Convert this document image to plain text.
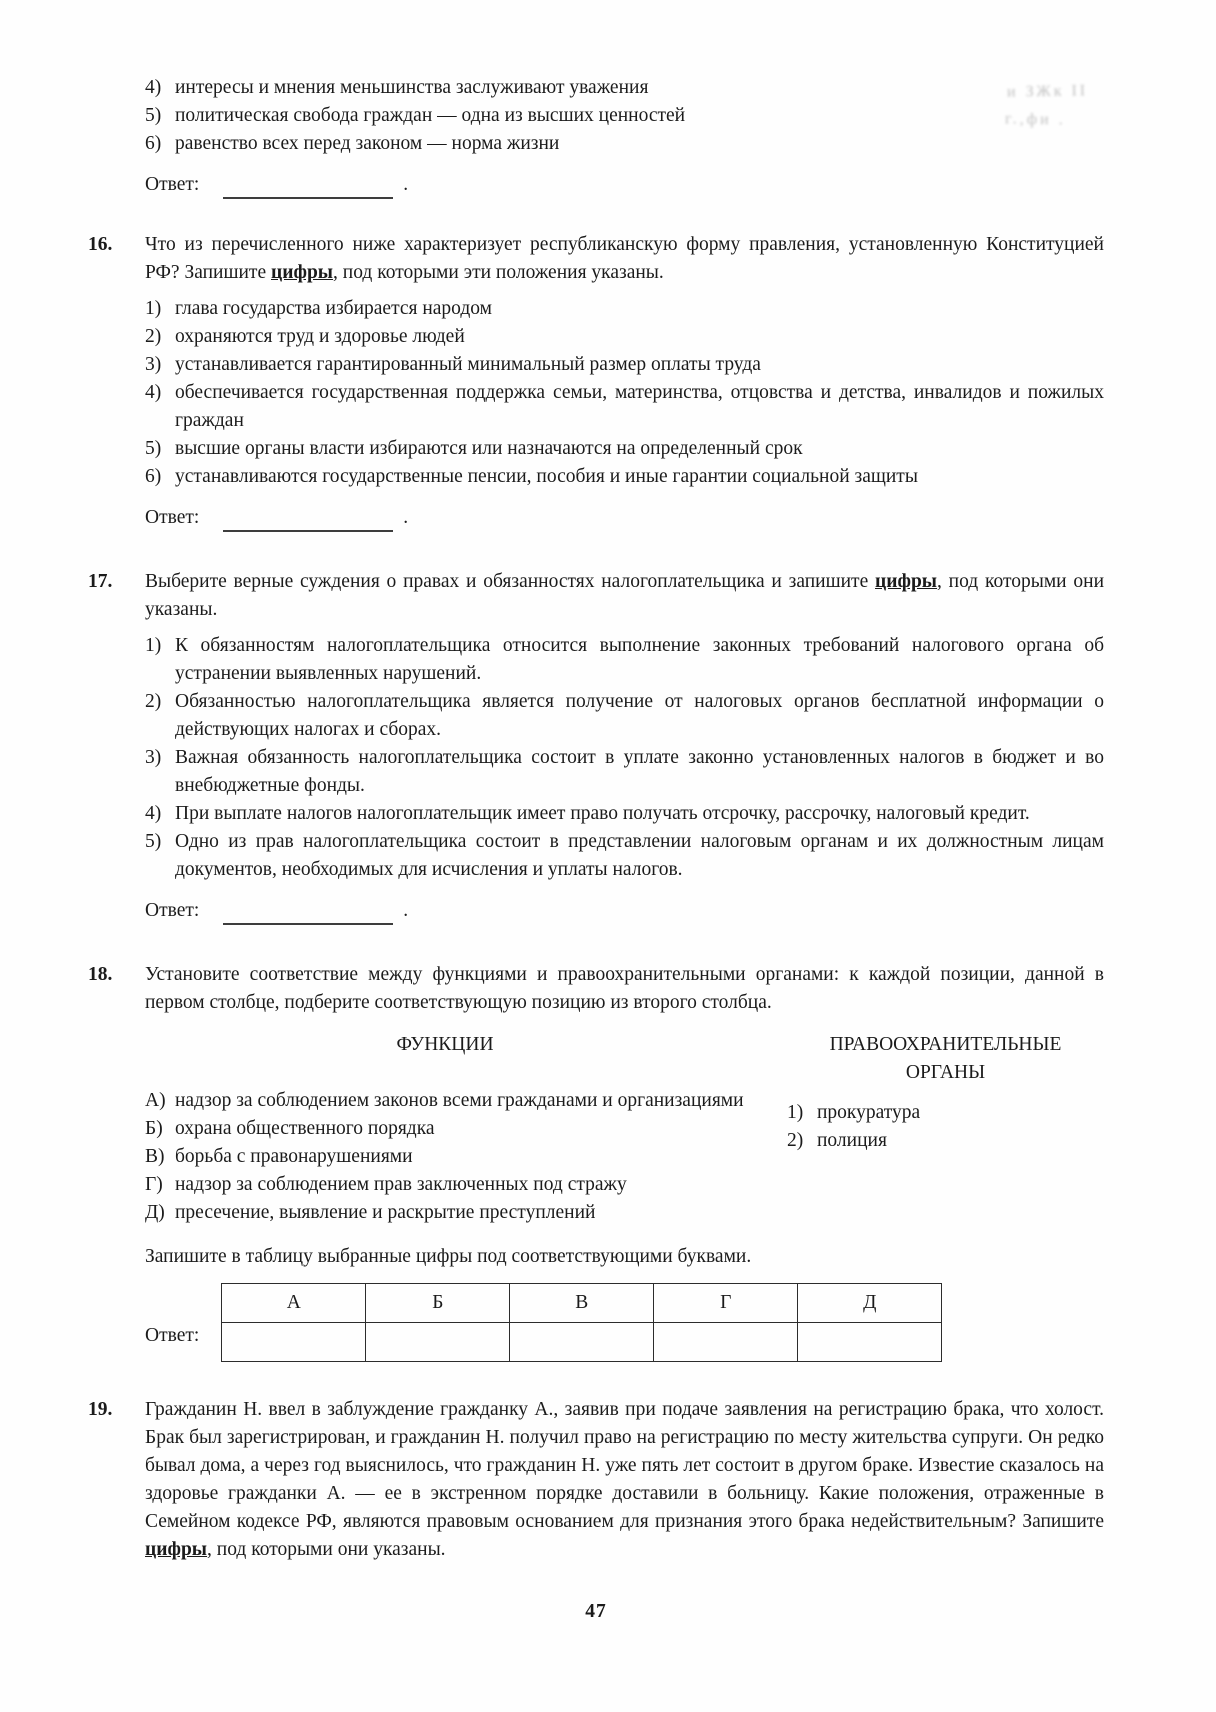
и ЗЖк ІІ
г.,фи .
4) интересы и мнения меньшинства заслуживают уважения
5) политическая свобода граждан — одна из высших ценностей
6) равенство всех перед законом — норма жизни
Ответ:	.
16.	Что из перечисленного ниже характеризует республиканскую форму правления, установленную Конституцией РФ? Запишите цифры, под которыми эти положения указаны.
1) глава государства избирается народом
2) охраняются труд и здоровье людей
3) устанавливается гарантированный минимальный размер оплаты труда
4) обеспечивается государственная поддержка семьи, материнства, отцовства и детства, инвалидов и пожилых граждан
5) высшие органы власти избираются или назначаются на определенный срок
6) устанавливаются государственные пенсии, пособия и иные гарантии социальной защиты
Ответ:	.
17.	Выберите верные суждения о правах и обязанностях налогоплательщика и запишите цифры, под которыми они указаны.
1) К обязанностям налогоплательщика относится выполнение законных требований налогового органа об устранении выявленных нарушений.
2) Обязанностью налогоплательщика является получение от налоговых органов бесплатной информации о действующих налогах и сборах.
3) Важная обязанность налогоплательщика состоит в уплате законно установленных налогов в бюджет и во внебюджетные фонды.
4) При выплате налогов налогоплательщик имеет право получать отсрочку, рассрочку, налоговый кредит.
5) Одно из прав налогоплательщика состоит в представлении налоговым органам и их должностным лицам документов, необходимых для исчисления и уплаты налогов.
Ответ:	.
18.	Установите соответствие между функциями и правоохранительными органами: к каждой позиции, данной в первом столбце, подберите соответствующую позицию из второго столбца.
ФУНКЦИИ
А) надзор за соблюдением законов всеми гражданами и организациями
Б) охрана общественного порядка
В) борьба с правонарушениями
Г) надзор за соблюдением прав заключенных под стражу
Д) пресечение, выявление и раскрытие преступлений
ПРАВООХРАНИТЕЛЬНЫЕ
ОРГАНЫ
1) прокуратура
2) полиция
Запишите в таблицу выбранные цифры под соответствующими буквами.
Ответ:
А	Б	В	Г	Д

19.	Гражданин Н. ввел в заблуждение гражданку А., заявив при подаче заявления на регистрацию брака, что холост. Брак был зарегистрирован, и гражданин Н. получил право на регистрацию по месту жительства супруги. Он редко бывал дома, а через год выяснилось, что гражданин Н. уже пять лет состоит в другом браке. Известие сказалось на здоровье гражданки А. — ее в экстренном порядке доставили в больницу. Какие положения, отраженные в Семейном кодексе РФ, являются правовым основанием для признания этого брака недействительным? Запишите цифры, под которыми они указаны.
47
